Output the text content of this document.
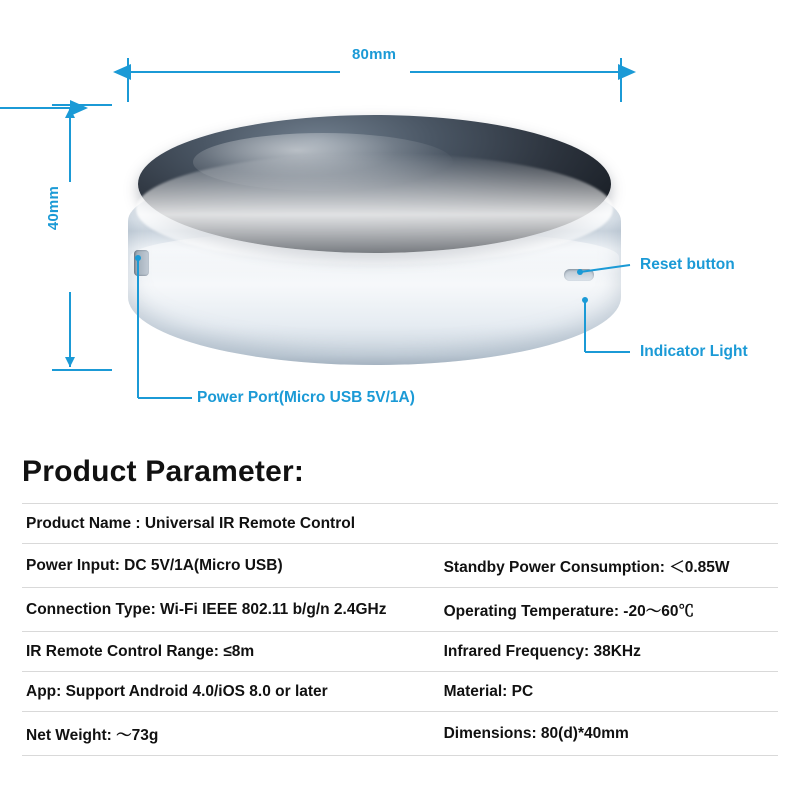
80mm
40mm
Reset button
Indicator Light
Power Port(Micro USB 5V/1A)
Product Parameter:
Product Name : Universal IR Remote Control	
Power Input: DC 5V/1A(Micro USB)	Standby Power Consumption: ＜0.85W
Connection Type: Wi-Fi IEEE 802.11 b/g/n 2.4GHz	Operating Temperature: -20～60℃
IR Remote Control Range: ≤8m	Infrared Frequency: 38KHz
App: Support Android 4.0/iOS 8.0 or later	Material: PC
Net Weight: ～73g	Dimensions: 80(d)*40mm
